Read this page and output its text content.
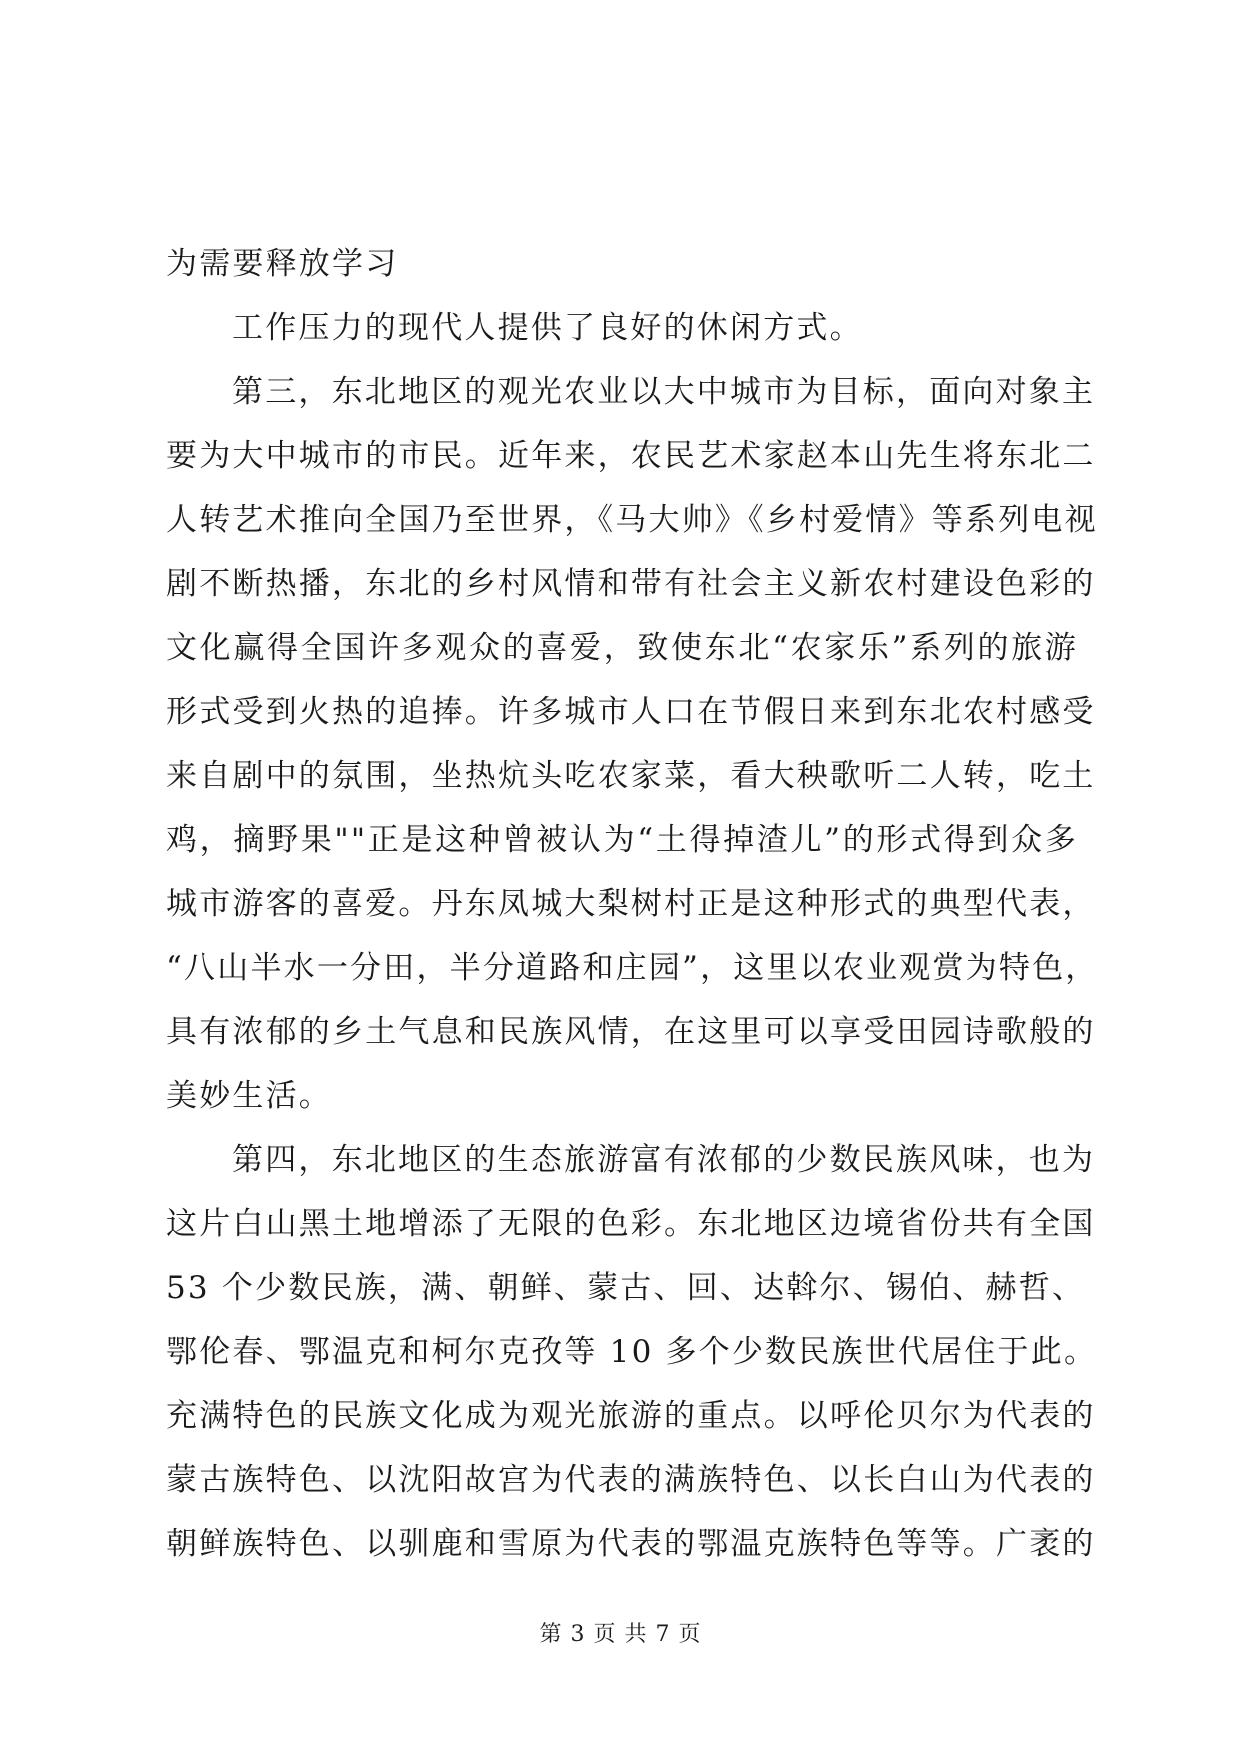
为需要释放学习
工作压力的现代人提供了良好的休闲方式。
第三，东北地区的观光农业以大中城市为目标，面向对象主
要为大中城市的市民。近年来，农民艺术家赵本山先生将东北二
人转艺术推向全国乃至世界，《马大帅》《乡村爱情》等系列电视
剧不断热播，东北的乡村风情和带有社会主义新农村建设色彩的
文化赢得全国许多观众的喜爱，致使东北“农家乐”系列的旅游
形式受到火热的追捧。许多城市人口在节假日来到东北农村感受
来自剧中的氛围，坐热炕头吃农家菜，看大秧歌听二人转，吃土
鸡，摘野果""正是这种曾被认为“土得掉渣儿”的形式得到众多
城市游客的喜爱。丹东凤城大梨树村正是这种形式的典型代表，
“八山半水一分田，半分道路和庄园”，这里以农业观赏为特色，
具有浓郁的乡土气息和民族风情，在这里可以享受田园诗歌般的
美妙生活。
第四，东北地区的生态旅游富有浓郁的少数民族风味，也为
这片白山黑土地增添了无限的色彩。东北地区边境省份共有全国
53 个少数民族，满、朝鲜、蒙古、回、达斡尔、锡伯、赫哲、
鄂伦春、鄂温克和柯尔克孜等 10 多个少数民族世代居住于此。
充满特色的民族文化成为观光旅游的重点。以呼伦贝尔为代表的
蒙古族特色、以沈阳故宫为代表的满族特色、以长白山为代表的
朝鲜族特色、以驯鹿和雪原为代表的鄂温克族特色等等。广袤的
第 3 页 共 7 页
